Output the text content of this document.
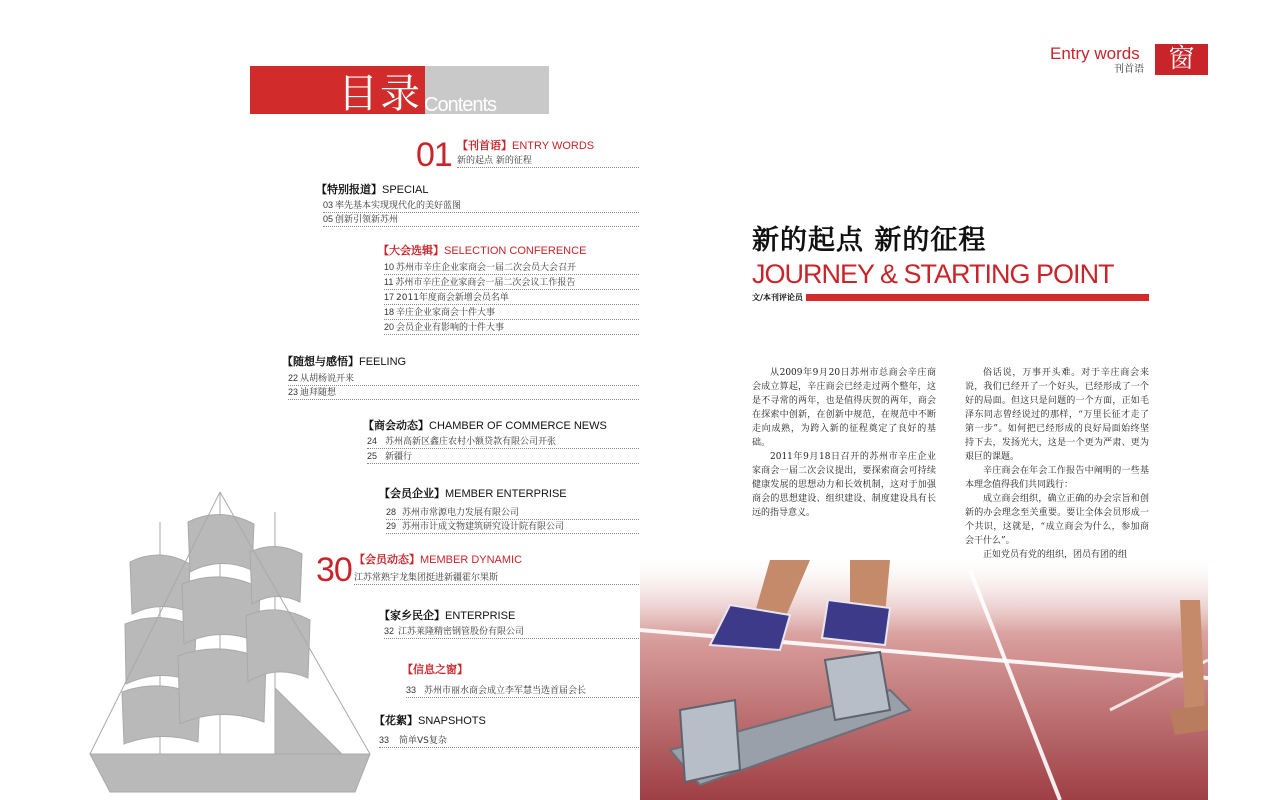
目录 Contents
01 【刊首语】ENTRY WORDS
新的起点 新的征程
【特别报道】SPECIAL
03 率先基本实现现代化的美好蓝图
05 创新引领新苏州
【大会选辑】SELECTION CONFERENCE
10 苏州市辛庄企业家商会一届二次会员大会召开
11 苏州市辛庄企业家商会一届二次会议工作报告
17 2011年度商会新增会员名单
18 辛庄企业家商会十件大事
20 会员企业有影响的十件大事
【随想与感悟】FEELING
22 从胡杨说开来
23 迪拜随想
【商会动态】CHAMBER OF COMMERCE NEWS
24 苏州高新区鑫庄农村小额贷款有限公司开张
25 新疆行
【会员企业】MEMBER ENTERPRISE
28 苏州市常源电力发展有限公司
29 苏州市计成文物建筑研究设计院有限公司
30 【会员动态】MEMBER DYNAMIC
江苏常熟宇龙集团挺进新疆霍尔果斯
【家乡民企】ENTERPRISE
32 江苏莱隆精密钢管股份有限公司
【信息之窗】
33 苏州市丽水商会成立李军慧当选首届会长
【花絮】SNAPSHOTS
33 简单VS复杂
Entry words
刊首语 窗
新的起点 新的征程
JOURNEY & STARTING POINT
文/本刊评论员

从2009年9月20日苏州市总商会辛庄商会成立算起，辛庄商会已经走过两个整年，这是不寻常的两年，也是值得庆贺的两年，商会在探索中创新，在创新中规范，在规范中不断走向成熟，为跨入新的征程奠定了良好的基础。

2011年9月18日召开的苏州市辛庄企业家商会一届二次会议提出，要探索商会可持续健康发展的思想动力和长效机制，这对于加强商会的思想建设、组织建设、制度建设具有长远的指导意义。

俗话说，万事开头难。对于辛庄商会来说，我们已经开了一个好头，已经形成了一个好的局面。但这只是问题的一个方面，正如毛泽东同志曾经说过的那样，“万里长征才走了第一步”。如何把已经形成的良好局面始终坚持下去，发扬光大，这是一个更为严肃、更为艰巨的课题。

辛庄商会在年会工作报告中阐明的一些基本理念值得我们共同践行：

成立商会组织，确立正确的办会宗旨和创新的办会理念至关重要。要让全体会员形成一个共识，这就是，“成立商会为什么，参加商会干什么”。

正如党员有党的组织，团员有团的组
